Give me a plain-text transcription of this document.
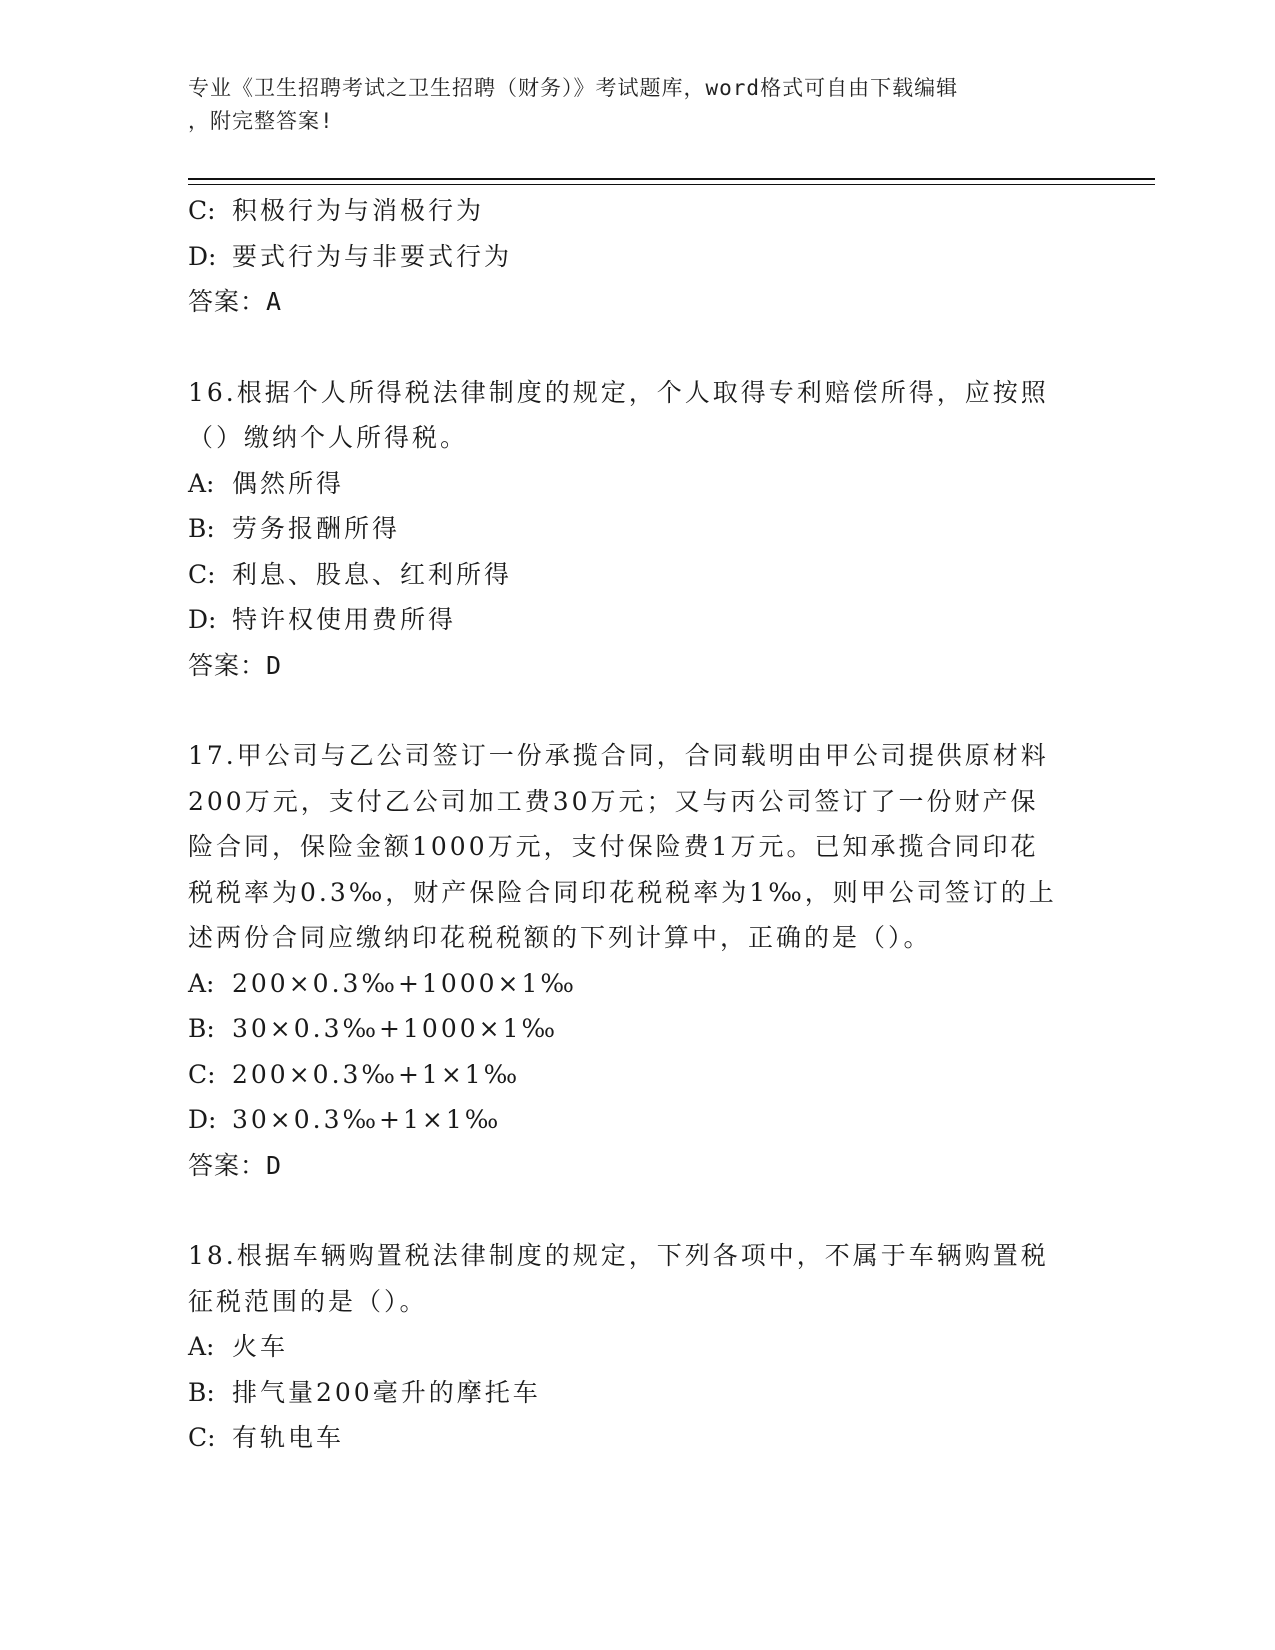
专业《卫生招聘考试之卫生招聘（财务）》考试题库，word格式可自由下载编辑
，附完整答案!
C: 积极行为与消极行为
D: 要式行为与非要式行为
答案：A
16.根据个人所得税法律制度的规定，个人取得专利赔偿所得，应按照
（）缴纳个人所得税。
A: 偶然所得
B: 劳务报酬所得
C: 利息、股息、红利所得
D: 特许权使用费所得
答案：D
17.甲公司与乙公司签订一份承揽合同，合同载明由甲公司提供原材料
200万元，支付乙公司加工费30万元；又与丙公司签订了一份财产保
险合同，保险金额1000万元，支付保险费1万元。已知承揽合同印花
税税率为0.3‰，财产保险合同印花税税率为1‰，则甲公司签订的上
述两份合同应缴纳印花税税额的下列计算中，正确的是（）。
A: 200×0.3‰+1000×1‰
B: 30×0.3‰+1000×1‰
C: 200×0.3‰+1×1‰
D: 30×0.3‰+1×1‰
答案：D
18.根据车辆购置税法律制度的规定，下列各项中，不属于车辆购置税
征税范围的是（）。
A: 火车
B: 排气量200毫升的摩托车
C: 有轨电车
